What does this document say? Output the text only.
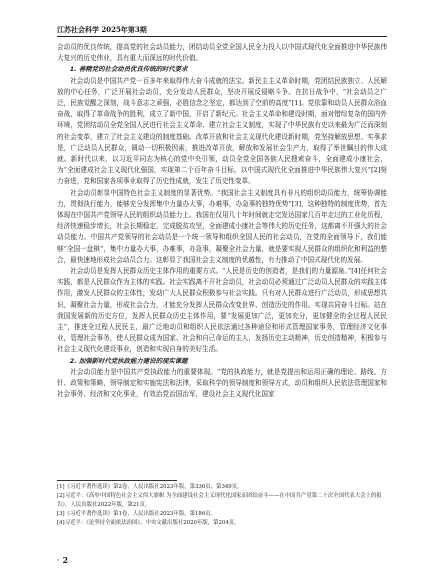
江苏社会科学 2025年第3期

会动员的优良传统，提高党的社会动员能力，团结动员全党全国人民全力投入以中国式现代化全面推进中华民族伟大复兴的历史伟业，具有重大而深远的时代价值。

1. 善精党的社会动员优良传统的时代要求

社会动员是中国共产党一百多年来取得伟大奋斗成就的法宝。新民主主义革命时期，党团结民族独立、人民解放的中心任务，广泛开展社会动员，充分发动人民群众，坚决开展反侵略斗争。在抗日战争中，“社会动员之广泛，民族觉醒之深刻，战斗意志之顽强，必胜信念之坚定，都达到了空前的高度”[1]。党依靠和动员人民群众浴血奋战，取得了革命战争的胜利，成立了新中国，开启了新纪元。社会主义革命和建设时期，面对错综复杂的国内外环境，党团结动员全党全国人民进行社会主义革命、建立社会主义制度，实现了中华民族有史以来最为广泛而深刻的社会变革，建立了社会主义建设的制度基础。改革开放和社会主义现代化建设新时期，党坚持解放思想、实事求是，广泛动员人民群众，调动一切积极因素，推进改革开放，解放和发展社会生产力，取得了举世瞩目的伟大成就。新时代以来，以习近平同志为核心的党中央引领，动员全党全国各族人民搜索奋斗，全面建成小康社会，为“全面建成社会主义现代化强国，实现第二个百年奋斗目标，以中国式现代化全面推进中华民族伟大复兴”[2]努力奋进，党和国家各项事业取得了历史性成就，发生了历史性变革。

社会动员彰显中国特色社会主义制度的显著优势。“我国社会主义制度具有非凡的组织动员能力，统筹协调能力，贯彻执行能力，能够充分发挥集中力量办大事，办难事，办急事的独特优势”[3]，这种独特的制度优势，首先体现在中国共产党领导人民的组织动员能力上。我国在仅用几十年时间就走完发达国家几百年走过的工业化历程，经济快速稳步增长，社会长期稳定，完成脱贫攻坚，全面建成小康社会等伟大的历史任务，这都离不开强大的社会动员能力。中国共产党领导的社会动员是一个统一领导和组织全国人民的社会动员，在党的全面领导下，我们能够“全国一盘棋”，集中力量办大事，办难事，办急事，凝聚全社会力量，就是要实现人民群众的组织化和利益的整合，最快速地形成社会动员合力。这彰显了我国社会主义制度的优越性，有力推动了中国式现代化的发展。

社会动员是发挥人民群众历史主体作用的重要方式。“人民是历史的创造者，是我们的力量源泉。”[4]任何社会实践，都是人民群众作为主体的实践。社会实践离不开社会动员，社会动员必须通过广泛动员人民群众的实践主体作用，激发人民群众的主体性，发动广大人民群众积极参与社会实践。只有对人民群众进行广泛动员，形成思想共识，凝聚社会力量，形成社会合力，才能充分发挥人民群众改变世界、创造历史的作用。实现共同奋斗目标。站在我国发展新的历史方位，发挥人民群众历史主体作用，要“发展更加广泛，更加充分，更加健全的全过程人民民主”，推进全过程人民民主，最广泛地动员和组织人民依法通过各种途径和形式管理国家事务，管理经济文化事业，管理社会事务，使人民群众成为国家、社会和自己命运的主人，发扬历史主动精神，历史创造精神，积极参与社会主义现代化建设事业，创造和实现自身的美好生活。

2. 加强新时代党执政能力建设的现实课题

社会动员能力是中国共产党执政能力的重要体现。“党的执政能力，就是党提出和运用正确的理论、路线、方针、政策和策略，领导制定和实施宪法和法律，采取科学的领导制度和领导方式，动员和组织人民依法管理国家和社会事务、经济和文化事业，有效治党治国治军，建设社会主义现代化国家

[1]《习近平著作选读》第2卷，人民出版社2023年版，第336页、第349页。

[2]习近平：《高举中国特色社会主义伟大旗帜 为全面建设社会主义现代化国家而团结奋斗——在中国共产党第二十次全国代表大会上的报告》，人民出版社2022年版，第21页。

[3]《习近平著作选读》第1卷，人民出版社2023年版，第186页。

[4]习近平：《论坚持全面依法治国》，中央文献出版社2020年版，第204页。

· 2
